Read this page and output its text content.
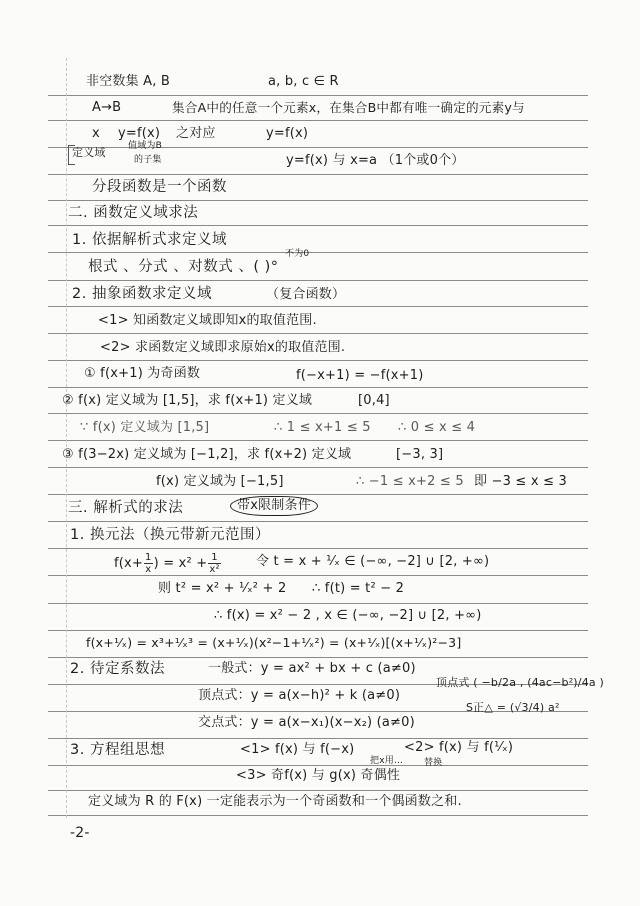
非空数集 A, B	a, b, c ∈ R
A→B	集合A中的任意一个元素x，在集合B中都有唯一确定的元素y与
x y=f(x) 之对应	y=f(x)
定义域 值域为B
的子集	y=f(x) 与 x=a （1个或0个）
分段函数是一个函数
二. 函数定义域求法
1. 依据解析式求定义域
不为0
根式 、分式 、对数式 、( )°
2. 抽象函数求定义域	（复合函数）
<1> 知函数定义域即知x的取值范围.
<2> 求函数定义域即求原始x的取值范围.
① f(x+1) 为奇函数	f(−x+1) = −f(x+1)
② f(x) 定义域为 [1,5]，求 f(x+1) 定义域	[0,4]
∵ f(x) 定义域为 [1,5]	∴ 1 ≤ x+1 ≤ 5 ∴ 0 ≤ x ≤ 4
③ f(3−2x) 定义域为 [−1,2]，求 f(x+2) 定义域	[−3, 3]
f(x) 定义域为 [−1,5]	∴ −1 ≤ x+2 ≤ 5 即 −3 ≤ x ≤ 3
三. 解析式的求法	带x限制条件
1. 换元法（换元带新元范围）
$f(x+ \frac{1}{x}$ ) = $x^2 + \frac{1}{\text{x²}}$	令 t = x + ¹⁄ₓ ∈ (−∞, −2] ∪ [2, +∞)
则 t² = x² + ¹⁄ₓ² + 2 ∴ f(t) = t² − 2
∴ f(x) = x² − 2 , x ∈ (−∞, −2] ∪ [2, +∞)
f(x+¹⁄ₓ) = x³+¹⁄ₓ³ = (x+¹⁄ₓ)(x²−1+¹⁄ₓ²) = (x+¹⁄ₓ)[(x+¹⁄ₓ)²−3]
2. 待定系数法	一般式：y = ax² + bx + c (a≠0)
顶点式 ( −b/2a , (4ac−b²)/4a )
S正△ = (√3/4) a²
顶点式：y = a(x−h)² + k (a≠0)
交点式：y = a(x−x₁)(x−x₂) (a≠0)
3. 方程组思想	<1> f(x) 与 f(−x)	<2> f(x) 与 f(¹⁄ₓ)
把x用… 替换
<3> 奇f(x) 与 g(x) 奇偶性
定义域为 R 的 F(x) 一定能表示为一个奇函数和一个偶函数之和.
-2-
